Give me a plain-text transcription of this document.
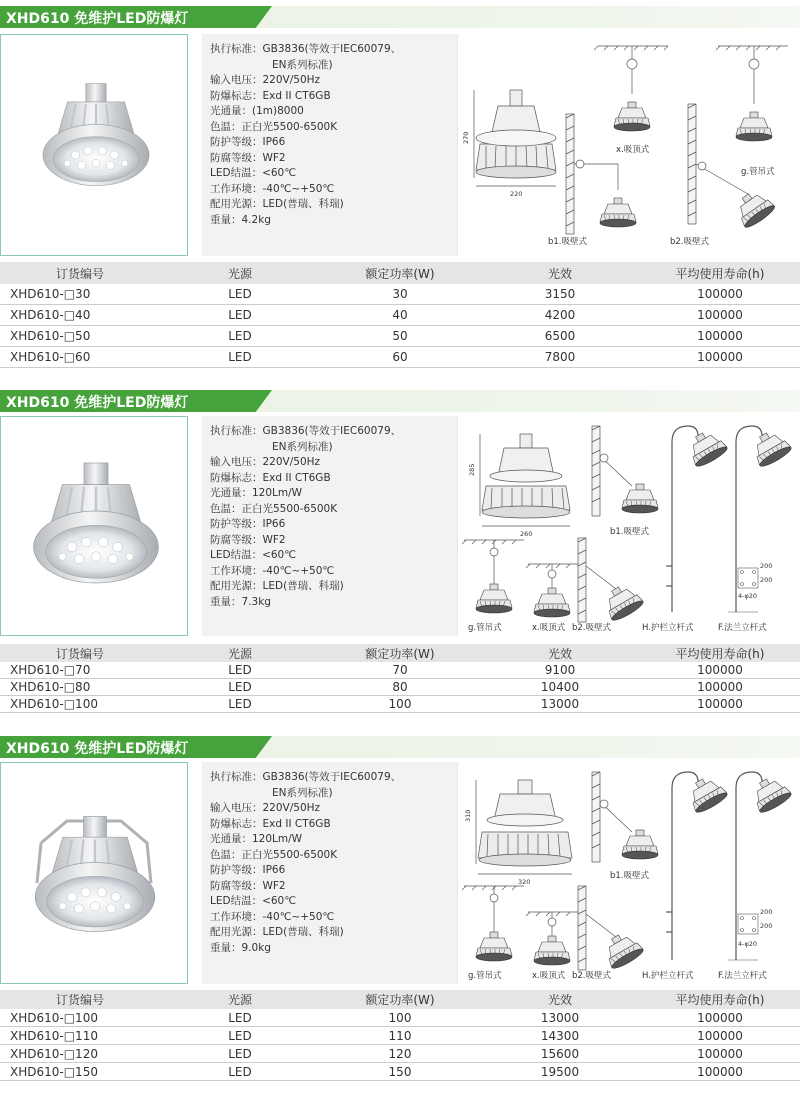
XHD610 免维护LED防爆灯
执行标准：GB3836(等效于IEC60079、
EN系列标准)
输入电压：220V/50Hz
防爆标志：Exd II CT6GB
光通量：(1m)8000
色温：正白光5500-6500K
防护等级：IP66
防腐等级：WF2
LED结温：<60℃
工作环境：-40℃~+50℃
配用光源：LED(普瑞、科瑞)
重量：4.2kg
270
220
x.吸顶式
g.管吊式
b1.吸壁式	b2.吸壁式
订货编号	光源	额定功率(W)	光效	平均使用寿命(h)
XHD610-□30	LED	30	3150	100000
XHD610-□40	LED	40	4200	100000
XHD610-□50	LED	50	6500	100000
XHD610-□60	LED	60	7800	100000
XHD610 免维护LED防爆灯
执行标准：GB3836(等效于IEC60079、
EN系列标准)
输入电压：220V/50Hz
防爆标志：Exd II CT6GB
光通量：120Lm/W
色温：正白光5500-6500K
防护等级：IP66
防腐等级：WF2
LED结温：<60℃
工作环境：-40℃~+50℃
配用光源：LED(普瑞、科瑞)
重量：7.3kg
285
260	b1.吸壁式
200
200
4-φ20
g.管吊式	x.吸顶式 b2.吸壁式	H.护栏立杆式	F.法兰立杆式
订货编号	光源	额定功率(W)	光效	平均使用寿命(h)
XHD610-□70	LED	70	9100	100000
XHD610-□80	LED	80	10400	100000
XHD610-□100	LED	100	13000	100000
XHD610 免维护LED防爆灯
执行标准：GB3836(等效于IEC60079、
EN系列标准)
输入电压：220V/50Hz
防爆标志：Exd II CT6GB
光通量：120Lm/W
色温：正白光5500-6500K
防护等级：IP66
防腐等级：WF2
LED结温：<60℃
工作环境：-40℃~+50℃
配用光源：LED(普瑞、科瑞)
重量：9.0kg
310
320
b1.吸壁式
200
200
4-φ20
g.管吊式	x.吸顶式 b2.吸壁式	H.护栏立杆式	F.法兰立杆式
订货编号	光源	额定功率(W)	光效	平均使用寿命(h)
XHD610-□100	LED	100	13000	100000
XHD610-□110	LED	110	14300	100000
XHD610-□120	LED	120	15600	100000
XHD610-□150	LED	150	19500	100000
